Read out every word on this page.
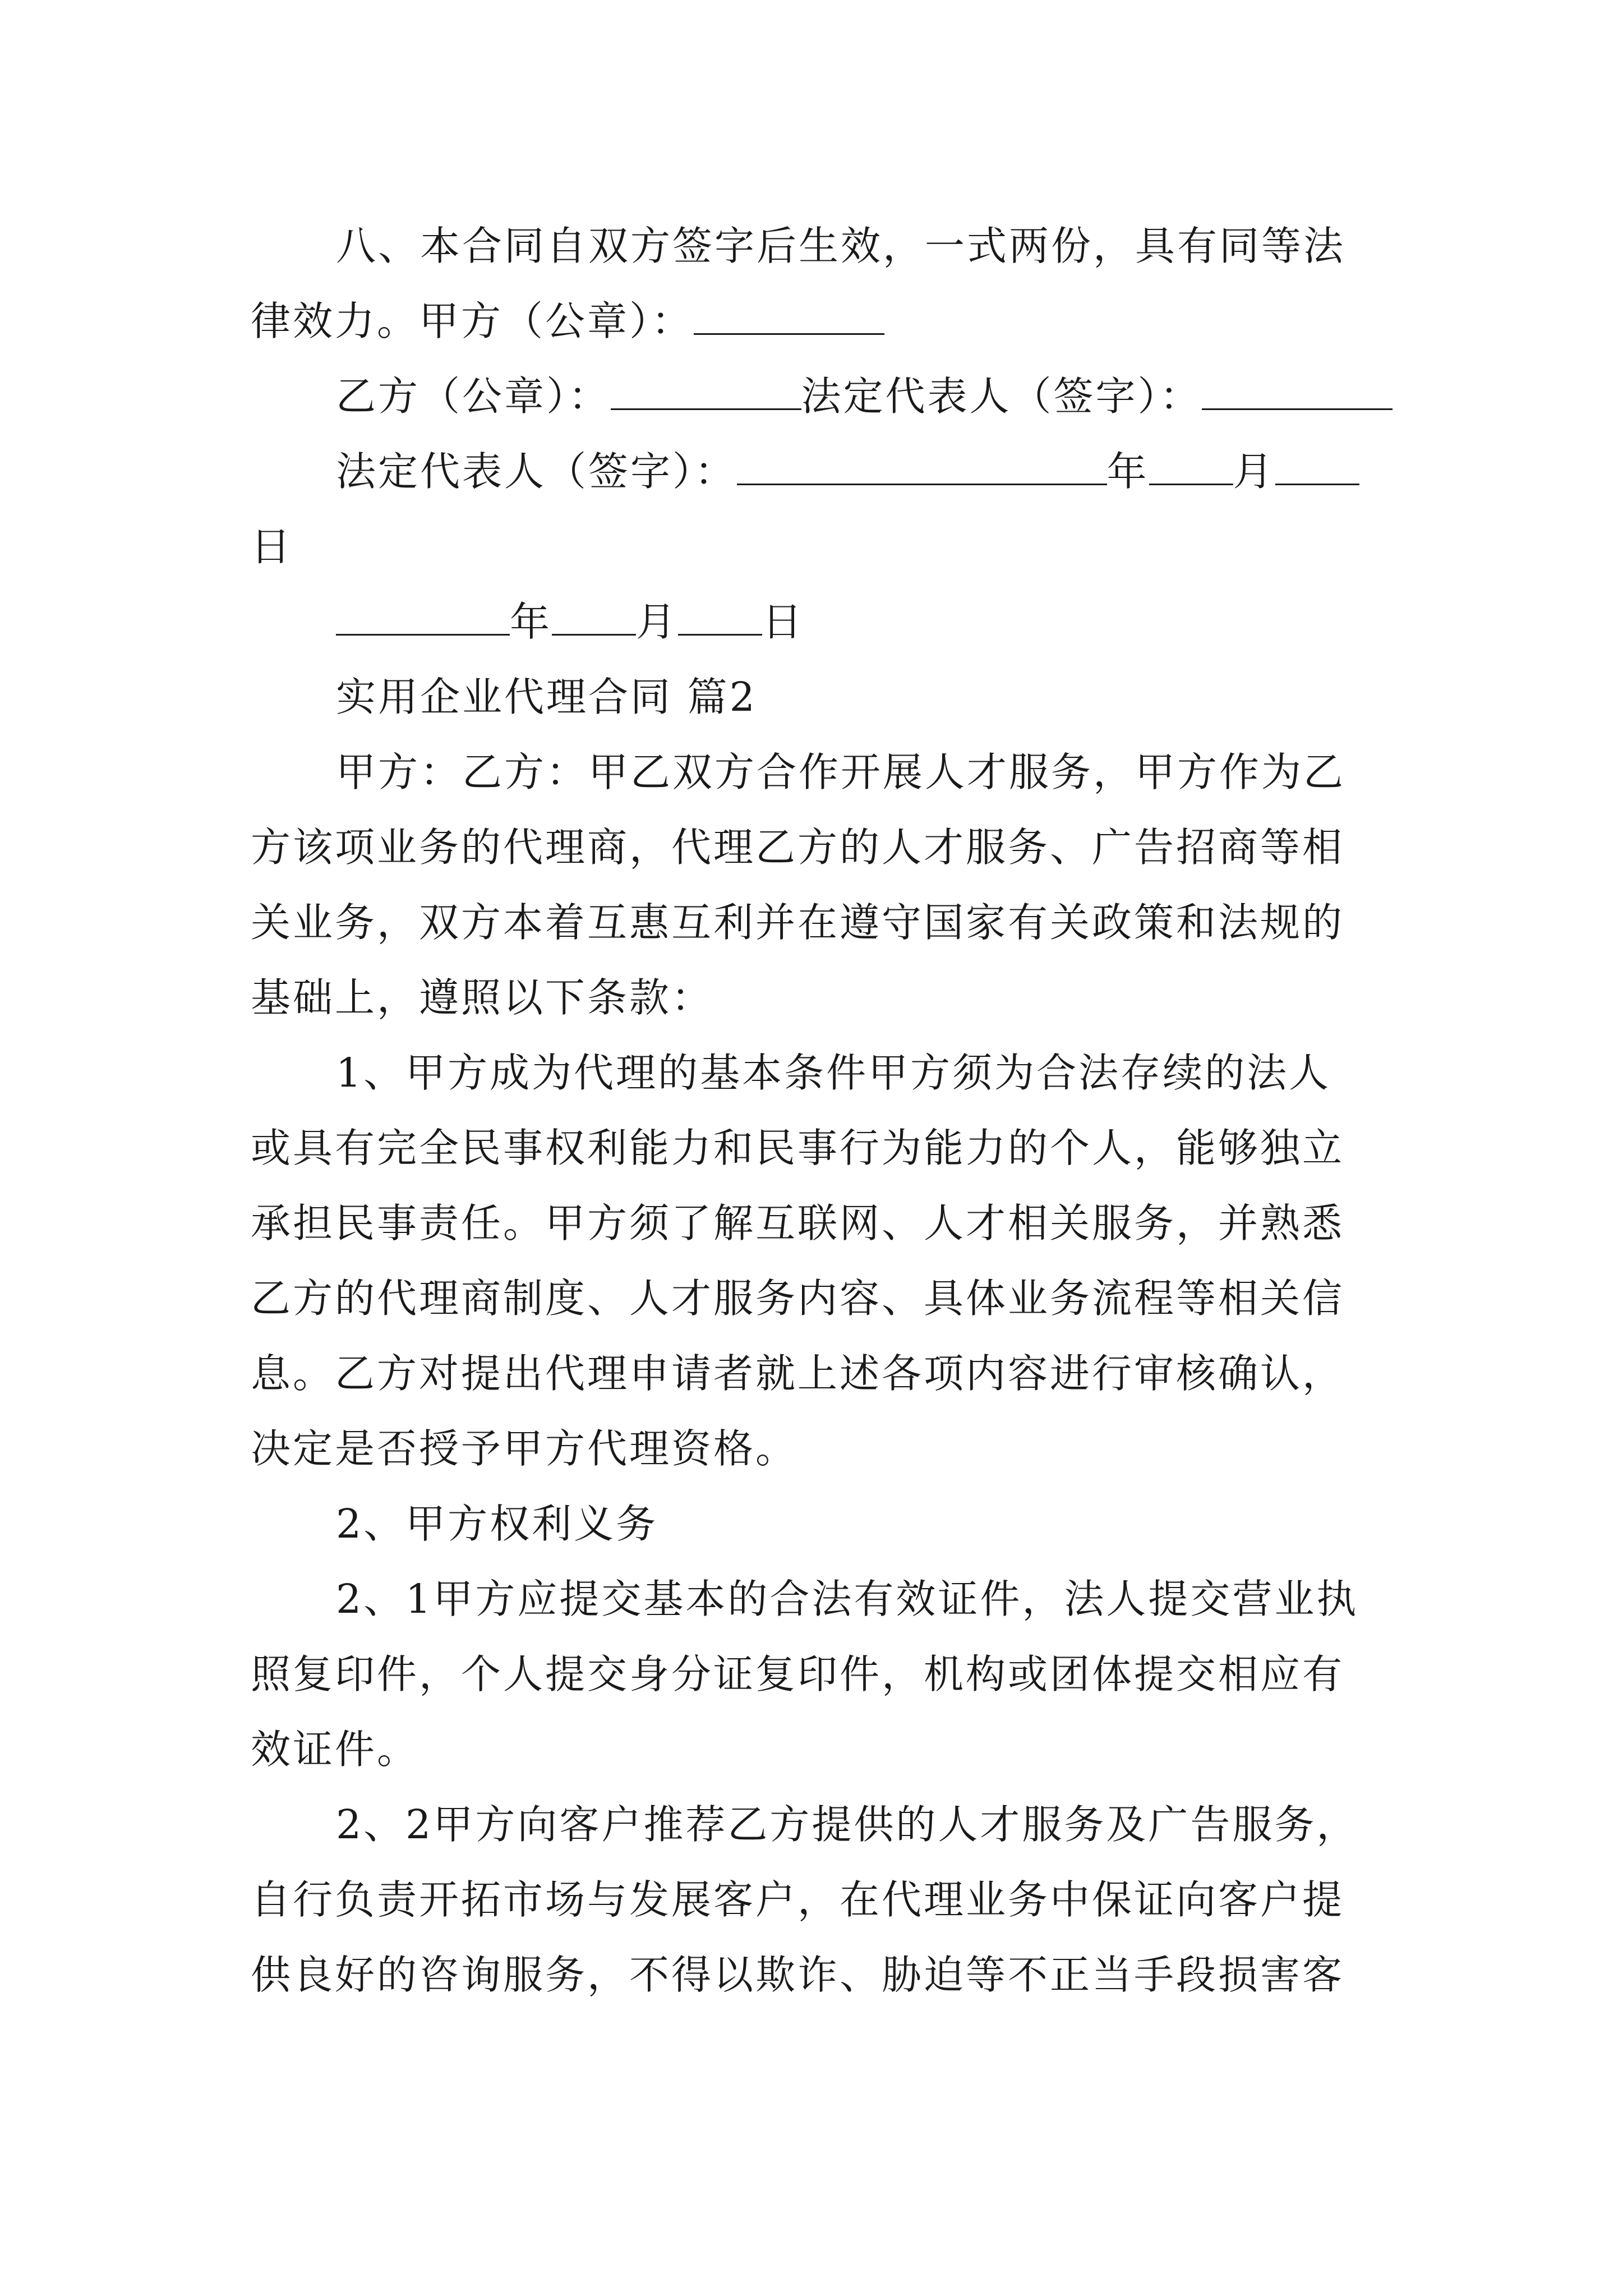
八、本合同自双方签字后生效，一式两份，具有同等法
律效力。甲方（公章）：
乙方（公章）：	法定代表人（签字）：
法定代表人（签字）：	年 月
日
年 月 日
实用企业代理合同 篇2
甲方：乙方：甲乙双方合作开展人才服务，甲方作为乙
方该项业务的代理商，代理乙方的人才服务、广告招商等相
关业务，双方本着互惠互利并在遵守国家有关政策和法规的
基础上，遵照以下条款：
1、甲方成为代理的基本条件甲方须为合法存续的法人
或具有完全民事权利能力和民事行为能力的个人，能够独立
承担民事责任。甲方须了解互联网、人才相关服务，并熟悉
乙方的代理商制度、人才服务内容、具体业务流程等相关信
息。乙方对提出代理申请者就上述各项内容进行审核确认，
决定是否授予甲方代理资格。
2、甲方权利义务
2、1甲方应提交基本的合法有效证件，法人提交营业执
照复印件，个人提交身分证复印件，机构或团体提交相应有
效证件。
2、2甲方向客户推荐乙方提供的人才服务及广告服务，
自行负责开拓市场与发展客户，在代理业务中保证向客户提
供良好的咨询服务，不得以欺诈、胁迫等不正当手段损害客
